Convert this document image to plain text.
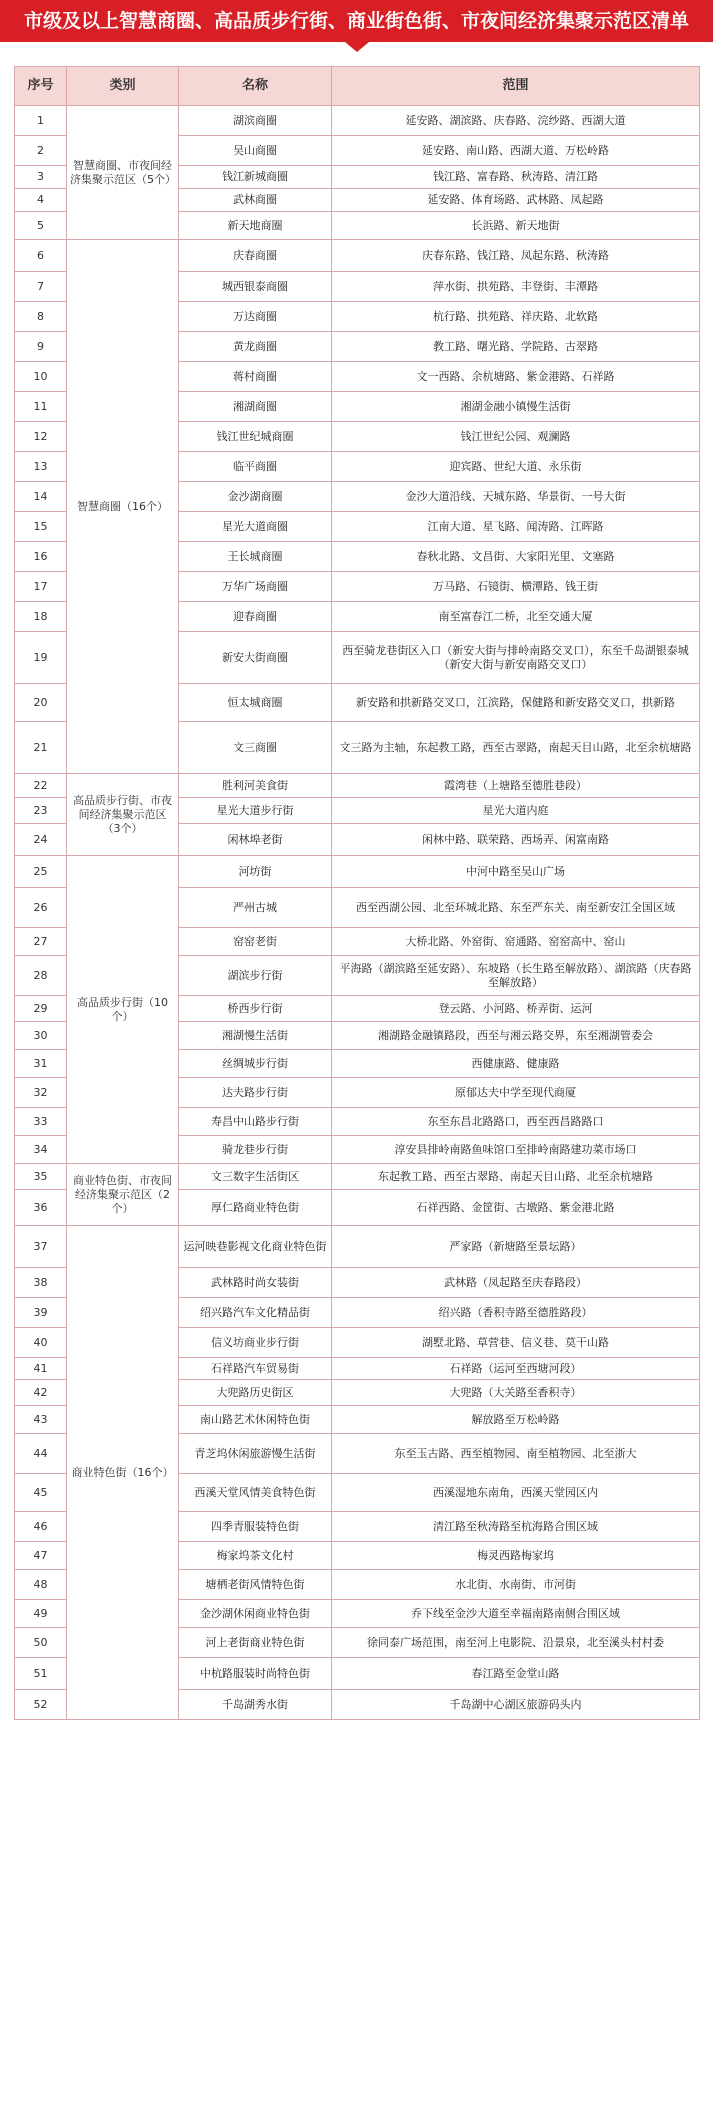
市级及以上智慧商圈、高品质步行街、商业街色街、市夜间经济集聚示范区清单
序号	类别	名称	范围
1	智慧商圈、市夜间经济集聚示范区（5个）	湖滨商圈	延安路、湖滨路、庆春路、浣纱路、西湖大道
2		吴山商圈	延安路、南山路、西湖大道、万松岭路
3		钱江新城商圈	钱江路、富春路、秋涛路、清江路
4		武林商圈	延安路、体育场路、武林路、凤起路
5		新天地商圈	长浜路、新天地街
6	智慧商圈（16个）	庆春商圈	庆春东路、钱江路、凤起东路、秋涛路
7		城西银泰商圈	萍水街、拱苑路、丰登街、丰潭路
8		万达商圈	杭行路、拱苑路、祥庆路、北软路
9		黄龙商圈	教工路、曙光路、学院路、古翠路
10		蒋村商圈	文一西路、余杭塘路、紫金港路、石祥路
11		湘湖商圈	湘湖金融小镇慢生活街
12		钱江世纪城商圈	钱江世纪公园、观澜路
13		临平商圈	迎宾路、世纪大道、永乐街
14		金沙湖商圈	金沙大道沿线、天城东路、华景街、一号大街
15		星光大道商圈	江南大道、星飞路、闻涛路、江晖路
16		王长城商圈	春秋北路、文昌街、大家阳光里、文塞路
17		万华广场商圈	万马路、石镜街、横潭路、钱王街
18		迎春商圈	南至富春江二桥，北至交通大厦
19		新安大街商圈	西至骑龙巷街区入口（新安大街与排岭南路交叉口），东至千岛湖银泰城（新安大街与新安南路交叉口）
20		恒太城商圈	新安路和拱新路交叉口，江滨路，保健路和新安路交叉口，拱新路
21		文三商圈	文三路为主轴，东起教工路，西至古翠路，南起天目山路，北至余杭塘路
22	高品质步行街、市夜间经济集聚示范区（3个）	胜利河美食街	霞湾巷（上塘路至德胜巷段）
23		星光大道步行街	星光大道内庭
24		闲林埠老街	闲林中路、联荣路、西场弄、闲富南路
25	高品质步行街（10个）	河坊街	中河中路至吴山广场
26		严州古城	西至西湖公园、北至环城北路、东至严东关、南至新安江全国区域
27		窑窑老街	大桥北路、外窑街、窑通路、窑窑高中、窑山
28		湖滨步行街	平海路（湖滨路至延安路）、东坡路（长生路至解放路）、湖滨路（庆春路至解放路）
29		桥西步行街	登云路、小河路、桥弄街、运河
30		湘湖慢生活街	湘湖路金融镇路段，西至与湘云路交界，东至湘湖管委会
31		丝绸城步行街	西健康路、健康路
32		达夫路步行街	原郁达夫中学至现代商厦
33		寿昌中山路步行街	东至东昌北路路口，西至西昌路路口
34		骑龙巷步行街	淳安县排岭南路鱼味馆口至排岭南路建功菜市场口
35	商业特色街、市夜间经济集聚示范区（2个）	文三数字生活街区	东起教工路、西至古翠路、南起天目山路、北至余杭塘路
36		厚仁路商业特色街	石祥西路、金筐街、古墩路、紫金港北路
37	商业特色街（16个）	运河映巷影视文化商业特色街	严家路（新塘路至景坛路）
38		武林路时尚女装街	武林路（凤起路至庆春路段）
39		绍兴路汽车文化精品街	绍兴路（香积寺路至德胜路段）
40		信义坊商业步行街	湖墅北路、草营巷、信义巷、莫干山路
41		石祥路汽车贸易街	石祥路（运河至西塘河段）
42		大兜路历史街区	大兜路（大关路至香积寺）
43		南山路艺术休闲特色街	解放路至万松岭路
44		青芝坞休闲旅游慢生活街	东至玉古路、西至植物园、南至植物园、北至浙大
45		西溪天堂风情美食特色街	西溪湿地东南角，西溪天堂园区内
46		四季青服装特色街	清江路至秋涛路至杭海路合围区域
47		梅家坞茶文化村	梅灵西路梅家坞
48		塘栖老街风情特色街	水北街、水南街、市河街
49		金沙湖休闲商业特色街	乔下线至金沙大道至幸福南路南侧合围区域
50		河上老街商业特色街	徐同泰广场范围，南至河上电影院、沿景泉，北至溪头村村委
51		中杭路服装时尚特色街	春江路至金堂山路
52		千岛湖秀水街	千岛湖中心湖区旅游码头内
